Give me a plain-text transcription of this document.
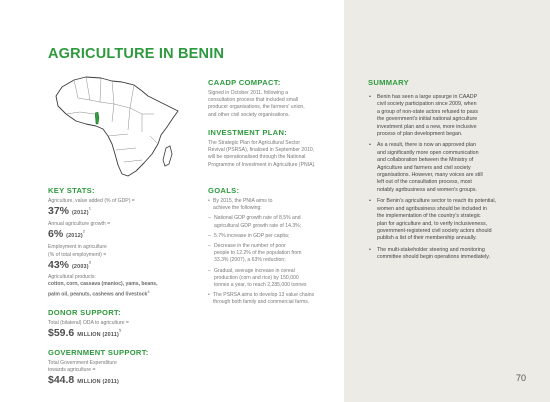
AGRICULTURE IN BENIN
KEY STATS:

Agriculture, value added (% of GDP) =

37% $(2012)^1$

Annual agriculture growth =

6% $(2012)^2$

Employment in agriculture

(% of total employment) =

43% $(2003)^3$

Agricultural products:

cotton, corn, cassava (manioc), yams, beans,

palm oil, peanuts, cashews and livestock$^4$

DONOR SUPPORT:

Total (bilateral) ODA to agriculture =

$59.6 MILLION $(2011)^5$

GOVERNMENT SUPPORT:

Total Government Expenditure

towards agriculture =

$44.8 MILLION (2011)

CAADP COMPACT:

Signed in October 2011, following a

consultation process that included small

producer organisations, the farmers' union,

and other civil society organisations.

INVESTMENT PLAN:

The Strategic Plan for Agricultural Sector

Revival (PSRSA), finalised in September 2010,

will be operationalised through the National

Programme of Investment in Agriculture (PNIA).

GOALS:
• By 2015, the PNIA aims to
achieve the following:
– National GDP growth rate of 8.5% and
agricultural GDP growth rate of 14.3%;
– 5.7% increase in GDP per capita;
– Decrease in the number of poor
people to 12.2% of the population from
33.3% (2007), a 63% reduction;
– Gradual, average increase in cereal
production (corn and rice) by 150,000
tonnes a year, to reach 2,285,000 tonnes
• The PSRSA aims to develop 13 value chains
through both family and commercial farms.
SUMMARY
• Benin has seen a large upsurge in CAADP
civil society participation since 2009, when
a group of non-state actors refused to pass
the government's initial national agriculture
investment plan and a new, more inclusive
process of plan development began.
• As a result, there is now an approved plan
and significantly more open communication
and collaboration between the Ministry of
Agriculture and farmers and civil society
organisations. However, many voices are still
left out of the consultation process, most
notably agribusiness and women's groups.
• For Benin's agriculture sector to reach its potential,
women and agribusiness should be included in
the implementation of the country's strategic
plan for agriculture and, to verify inclusiveness,
government-registered civil society actors should
publish a list of their membership annually.
• The multi-stakeholder steering and monitoring
committee should begin operations immediately.

70
